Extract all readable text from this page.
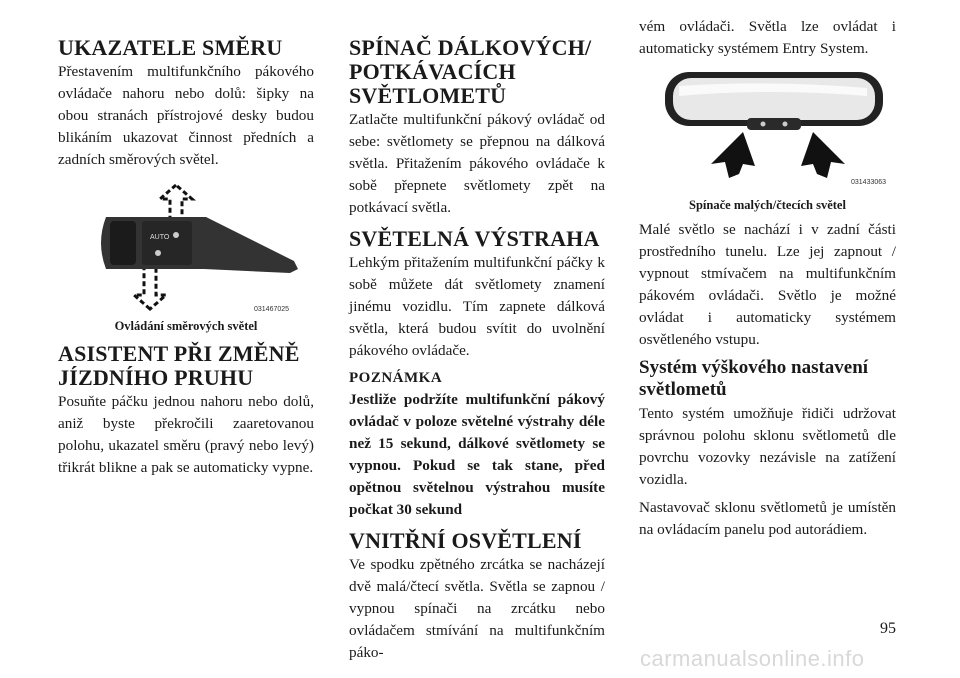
UKAZATELE SMĚRU

Přestavením multifunkčního pákového ovládače nahoru nebo dolů: šipky na obou stranách přístrojové desky budou blikáním ukazovat činnost předních a zadních směrových světel.

AUTO
031467025
Ovládání směrových světel
ASISTENT PŘI ZMĚNĚ JÍZDNÍHO PRUHU

Posuňte páčku jednou nahoru nebo dolů, aniž byste překročili zaaretovanou polohu, ukazatel směru (pravý nebo levý) třikrát blikne a pak se automaticky vypne.

SPÍNAČ DÁLKOVÝCH/ POTKÁVACÍCH SVĚTLOMETŮ

Zatlačte multifunkční pákový ovládač od sebe: světlomety se přepnou na dálková světla. Přitažením pákového ovládače k sobě přepnete světlomety zpět na potkávací světla.

SVĚTELNÁ VÝSTRAHA

Lehkým přitažením multifunkční páčky k sobě můžete dát světlomety znamení jinému vozidlu. Tím zapnete dálková světla, která budou svítit do uvolnění pákového ovládače.

POZNÁMKA

Jestliže podržíte multifunkční pákový ovládač v poloze světelné výstrahy déle než 15 sekund, dálkové světlomety se vypnou. Pokud se tak stane, před opětnou světelnou výstrahou musíte počkat 30 sekund

VNITŘNÍ OSVĚTLENÍ

Ve spodku zpětného zrcátka se nacházejí dvě malá/čtecí světla. Světla se zapnou / vypnou spínači na zrcátku nebo ovládačem stmívání na multifunkčním páko-

vém ovládači. Světla lze ovládat i automaticky systémem Entry System.

031433063
Spínače malých/čtecích světel

Malé světlo se nachází i v zadní části prostředního tunelu. Lze jej zapnout / vypnout stmívačem na multifunkčním pákovém ovládači. Světlo je možné ovládat i automaticky systémem osvětleného vstupu.

Systém výškového nastavení světlometů

Tento systém umožňuje řidiči udržovat správnou polohu sklonu světlometů dle povrchu vozovky nezávisle na zatížení vozidla.

Nastavovač sklonu světlometů je umístěn na ovládacím panelu pod autorádiem.

95
carmanualsonline.info
